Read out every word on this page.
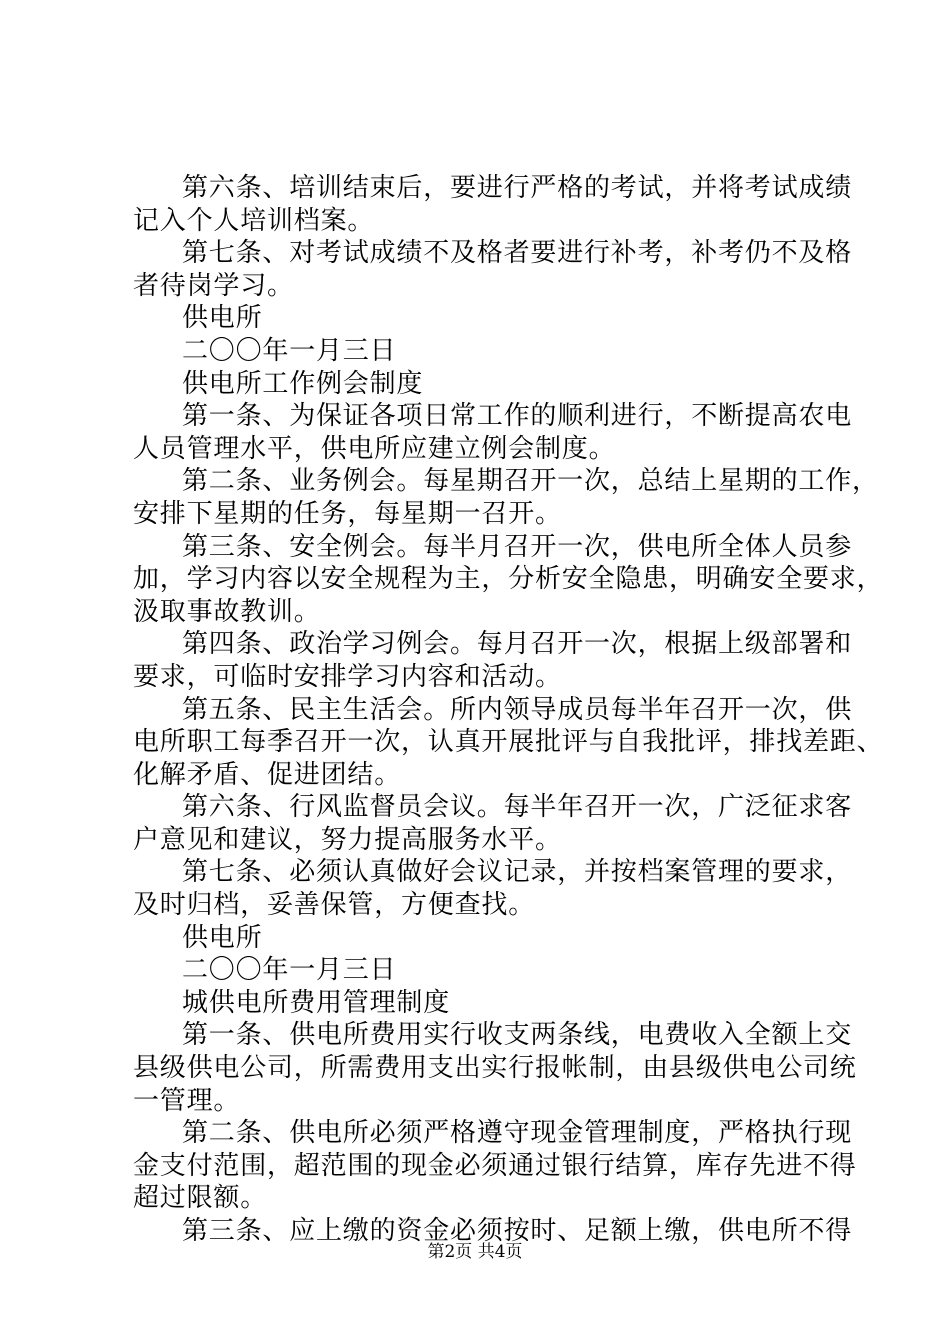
第六条、培训结束后，要进行严格的考试，并将考试成绩
记入个人培训档案。
第七条、对考试成绩不及格者要进行补考，补考仍不及格
者待岗学习。
供电所
二〇〇年一月三日
供电所工作例会制度
第一条、为保证各项日常工作的顺利进行，不断提高农电
人员管理水平，供电所应建立例会制度。
第二条、业务例会。每星期召开一次，总结上星期的工作，
安排下星期的任务，每星期一召开。
第三条、安全例会。每半月召开一次，供电所全体人员参
加，学习内容以安全规程为主，分析安全隐患，明确安全要求，
汲取事故教训。
第四条、政治学习例会。每月召开一次，根据上级部署和
要求，可临时安排学习内容和活动。
第五条、民主生活会。所内领导成员每半年召开一次，供
电所职工每季召开一次，认真开展批评与自我批评，排找差距、
化解矛盾、促进团结。
第六条、行风监督员会议。每半年召开一次，广泛征求客
户意见和建议，努力提高服务水平。
第七条、必须认真做好会议记录，并按档案管理的要求，
及时归档，妥善保管，方便查找。
供电所
二〇〇年一月三日
城供电所费用管理制度
第一条、供电所费用实行收支两条线，电费收入全额上交
县级供电公司，所需费用支出实行报帐制，由县级供电公司统
一管理。
第二条、供电所必须严格遵守现金管理制度，严格执行现
金支付范围，超范围的现金必须通过银行结算，库存先进不得
超过限额。
第三条、应上缴的资金必须按时、足额上缴，供电所不得
第2页 共4页
